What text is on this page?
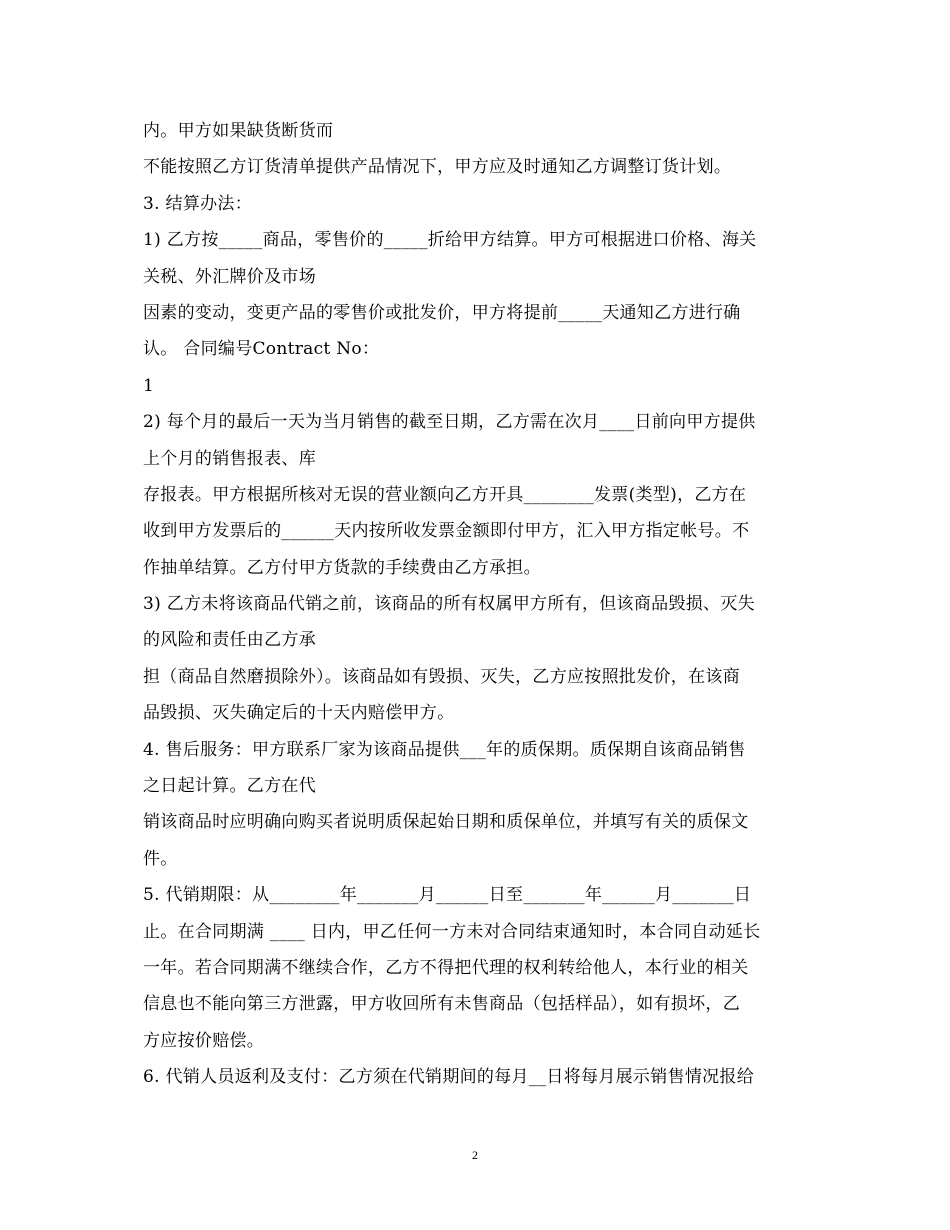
内。甲方如果缺货断货而
不能按照乙方订货清单提供产品情况下，甲方应及时通知乙方调整订货计划。
3. 结算办法：
1) 乙方按_____商品，零售价的_____折给甲方结算。甲方可根据进口价格、海关
关税、外汇牌价及市场
因素的变动，变更产品的零售价或批发价，甲方将提前_____天通知乙方进行确
认。 合同编号Contract No：
1
2) 每个月的最后一天为当月销售的截至日期，乙方需在次月____日前向甲方提供
上个月的销售报表、库
存报表。甲方根据所核对无误的营业额向乙方开具________发票(类型)，乙方在
收到甲方发票后的______天内按所收发票金额即付甲方，汇入甲方指定帐号。不
作抽单结算。乙方付甲方货款的手续费由乙方承担。
3) 乙方未将该商品代销之前，该商品的所有权属甲方所有，但该商品毁损、灭失
的风险和责任由乙方承
担（商品自然磨损除外）。该商品如有毁损、灭失，乙方应按照批发价，在该商
品毁损、灭失确定后的十天内赔偿甲方。
4. 售后服务：甲方联系厂家为该商品提供___年的质保期。质保期自该商品销售
之日起计算。乙方在代
销该商品时应明确向购买者说明质保起始日期和质保单位，并填写有关的质保文
件。
5. 代销期限：从________年_______月______日至_______年______月_______日
止。在合同期满 ____ 日内，甲乙任何一方未对合同结束通知时，本合同自动延长
一年。若合同期满不继续合作，乙方不得把代理的权利转给他人，本行业的相关
信息也不能向第三方泄露，甲方收回所有未售商品（包括样品），如有损坏，乙
方应按价赔偿。
6. 代销人员返利及支付：乙方须在代销期间的每月__日将每月展示销售情况报给
2
